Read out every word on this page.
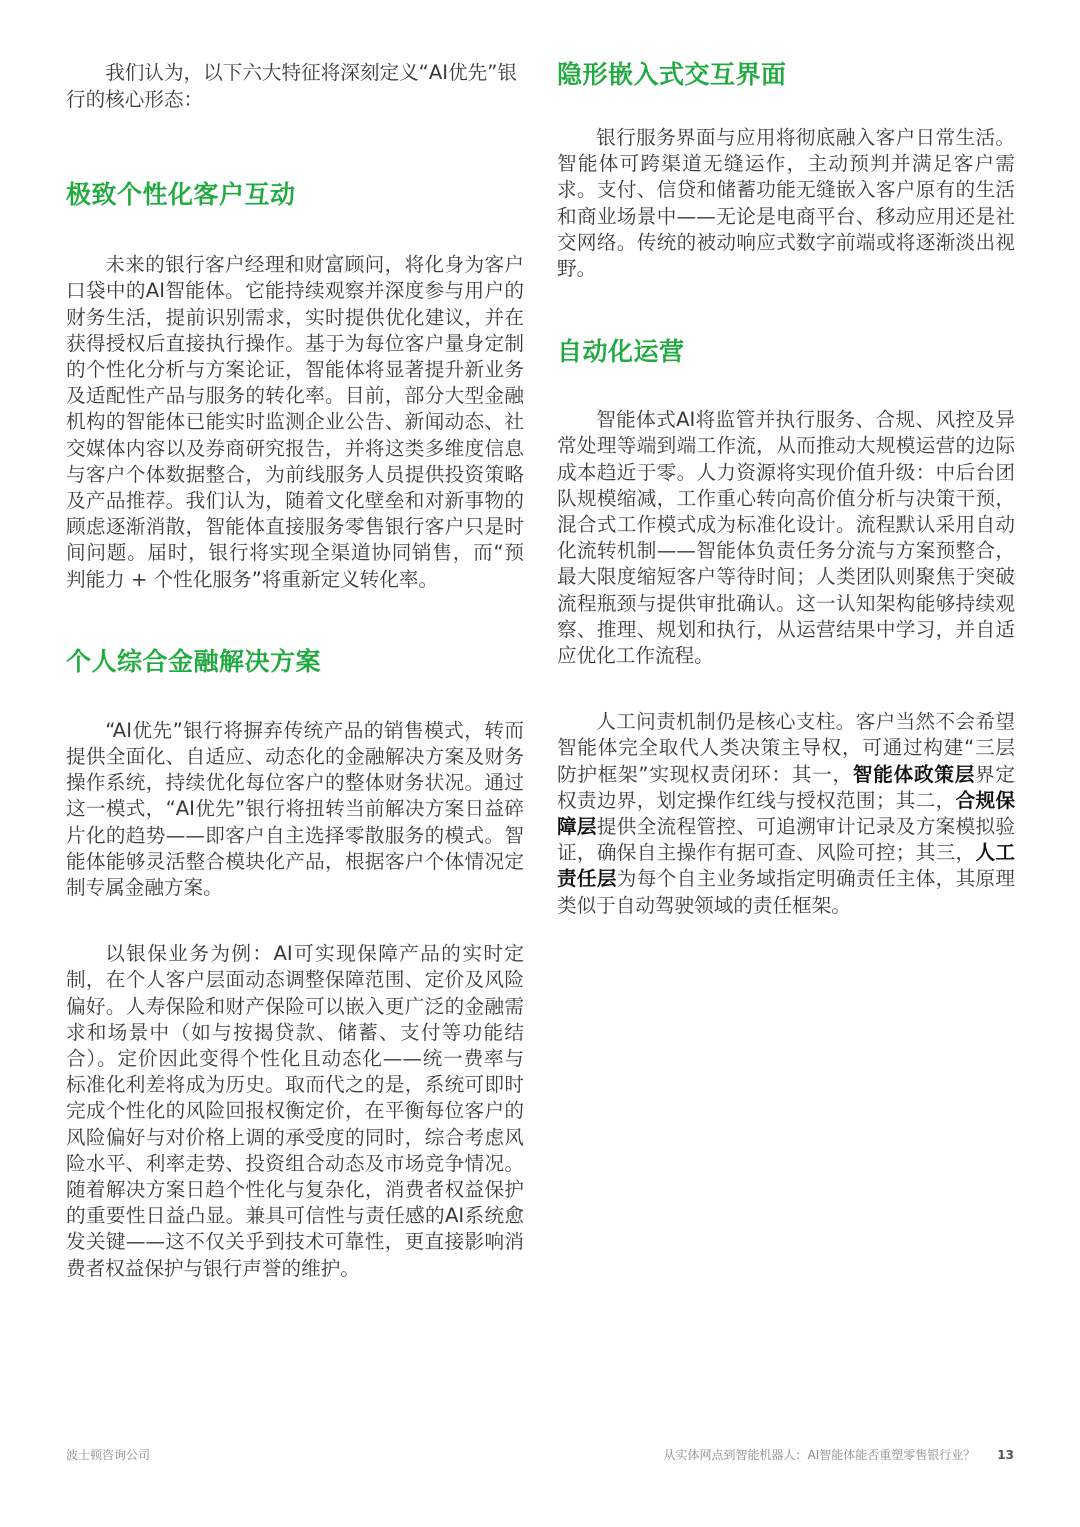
我们认为，以下六大特征将深刻定义“AI优先”银行的核心形态：

极致个性化客户互动

未来的银行客户经理和财富顾问，将化身为客户口袋中的AI智能体。它能持续观察并深度参与用户的财务生活，提前识别需求，实时提供优化建议，并在获得授权后直接执行操作。基于为每位客户量身定制的个性化分析与方案论证，智能体将显著提升新业务及适配性产品与服务的转化率。目前，部分大型金融机构的智能体已能实时监测企业公告、新闻动态、社交媒体内容以及券商研究报告，并将这类多维度信息与客户个体数据整合，为前线服务人员提供投资策略及产品推荐。我们认为，随着文化壁垒和对新事物的顾虑逐渐消散，智能体直接服务零售银行客户只是时间问题。届时，银行将实现全渠道协同销售，而“预判能力 + 个性化服务”将重新定义转化率。

个人综合金融解决方案

“AI优先”银行将摒弃传统产品的销售模式，转而提供全面化、自适应、动态化的金融解决方案及财务操作系统，持续优化每位客户的整体财务状况。通过这一模式，“AI优先”银行将扭转当前解决方案日益碎片化的趋势——即客户自主选择零散服务的模式。智能体能够灵活整合模块化产品，根据客户个体情况定制专属金融方案。

以银保业务为例：AI可实现保障产品的实时定制，在个人客户层面动态调整保障范围、定价及风险偏好。人寿保险和财产保险可以嵌入更广泛的金融需求和场景中（如与按揭贷款、储蓄、支付等功能结合）。定价因此变得个性化且动态化——统一费率与标准化利差将成为历史。取而代之的是，系统可即时完成个性化的风险回报权衡定价，在平衡每位客户的风险偏好与对价格上调的承受度的同时，综合考虑风险水平、利率走势、投资组合动态及市场竞争情况。随着解决方案日趋个性化与复杂化，消费者权益保护的重要性日益凸显。兼具可信性与责任感的AI系统愈发关键——这不仅关乎到技术可靠性，更直接影响消费者权益保护与银行声誉的维护。

隐形嵌入式交互界面

银行服务界面与应用将彻底融入客户日常生活。智能体可跨渠道无缝运作，主动预判并满足客户需求。支付、信贷和储蓄功能无缝嵌入客户原有的生活和商业场景中——无论是电商平台、移动应用还是社交网络。传统的被动响应式数字前端或将逐渐淡出视野。

自动化运营

智能体式AI将监管并执行服务、合规、风控及异常处理等端到端工作流，从而推动大规模运营的边际成本趋近于零。人力资源将实现价值升级：中后台团队规模缩减，工作重心转向高价值分析与决策干预，混合式工作模式成为标准化设计。流程默认采用自动化流转机制——智能体负责任务分流与方案预整合，最大限度缩短客户等待时间；人类团队则聚焦于突破流程瓶颈与提供审批确认。这一认知架构能够持续观察、推理、规划和执行，从运营结果中学习，并自适应优化工作流程。

人工问责机制仍是核心支柱。客户当然不会希望智能体完全取代人类决策主导权，可通过构建“三层防护框架”实现权责闭环：其一，智能体政策层界定权责边界，划定操作红线与授权范围；其二，合规保障层提供全流程管控、可追溯审计记录及方案模拟验证，确保自主操作有据可查、风险可控；其三，人工责任层为每个自主业务域指定明确责任主体，其原理类似于自动驾驶领域的责任框架。

波士顿咨询公司	从实体网点到智能机器人：AI智能体能否重塑零售银行业？ 13
